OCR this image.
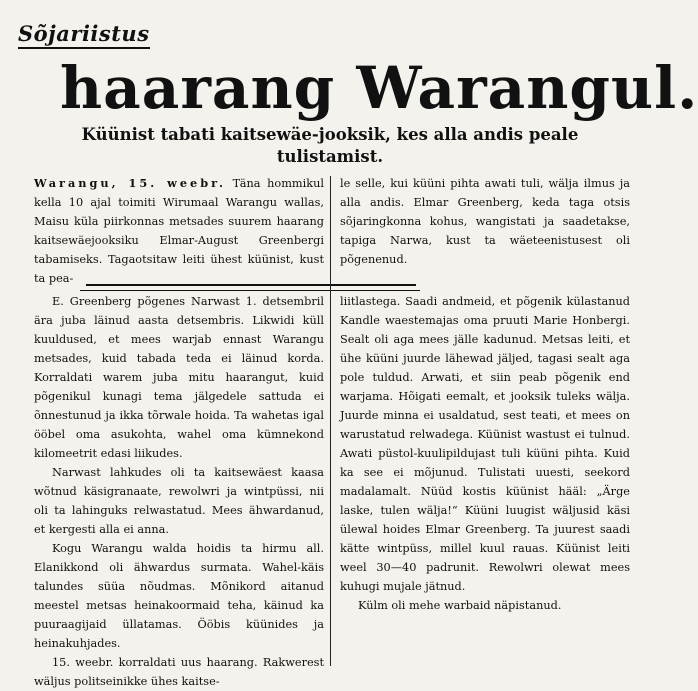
Sõjariistus
haarang Warangul.
Küünist tabati kaitsewäe-jooksik, kes alla andis peale tulistamist.

Warangu, 15. weebr. Täna hommikul kella 10 ajal toimiti Wirumaal Warangu wallas, Maisu küla piirkonnas metsades suurem haarang kaitsewäejooksiku Elmar-August Greenbergi tabamiseks. Tagaotsitaw leiti ühest küünist, kust ta pea-

le selle, kui küüni pihta awati tuli, wälja ilmus ja alla andis. Elmar Greenberg, keda taga otsis sõjaringkonna kohus, wangistati ja saadetakse, tapiga Narwa, kust ta wäeteenistusest oli põgenenud.

E. Greenberg põgenes Narwast 1. detsembril ära juba läinud aasta detsembris. Likwidi küll kuuldused, et mees warjab ennast Warangu metsades, kuid tabada teda ei läinud korda. Korraldati warem juba mitu haarangut, kuid põgenikul kunagi tema jälgedele sattuda ei õnnestunud ja ikka tõrwale hoida. Ta wahetas igal ööbel oma asukohta, wahel oma kümnekond kilomeetrit edasi liikudes.

Narwast lahkudes oli ta kaitsewäest kaasa wõtnud käsigranaate, rewolwri ja wintpüssi, nii oli ta lahinguks relwastatud. Mees ähwardanud, et kergesti alla ei anna.

Kogu Warangu walda hoidis ta hirmu all. Elanikkond oli ähwardus surmata. Wahel-käis talundes süüa nõudmas. Mõnikord aitanud meestel metsas heinakoormaid teha, käinud ka puuraagijaid üllatamas. Ööbis küünides ja heinakuhjades.

15. weebr. korraldati uus haarang. Rakwerest wäljus politseinikke ühes kaitse-

liitlastega. Saadi andmeid, et põgenik külastanud Kandle waestemajas oma pruuti Marie Honbergi. Sealt oli aga mees jälle kadunud. Metsas leiti, et ühe küüni juurde lähewad jäljed, tagasi sealt aga pole tuldud. Arwati, et siin peab põgenik end warjama. Hõigati eemalt, et jooksik tuleks wälja. Juurde minna ei usaldatud, sest teati, et mees on warustatud relwadega. Küünist wastust ei tulnud. Awati püstol-kuulipildujast tuli küüni pihta. Kuid ka see ei mõjunud. Tulistati uuesti, seekord madalamalt. Nüüd kostis küünist hääl: „Ärge laske, tulen wälja!“ Küüni luugist wäljusid käsi ülewal hoides Elmar Greenberg. Ta juurest saadi kätte wintpüss, millel kuul rauas. Küünist leiti weel 30—40 padrunit. Rewolwri olewat mees kuhugi mujale jätnud.

Külm oli mehe warbaid näpistanud.
